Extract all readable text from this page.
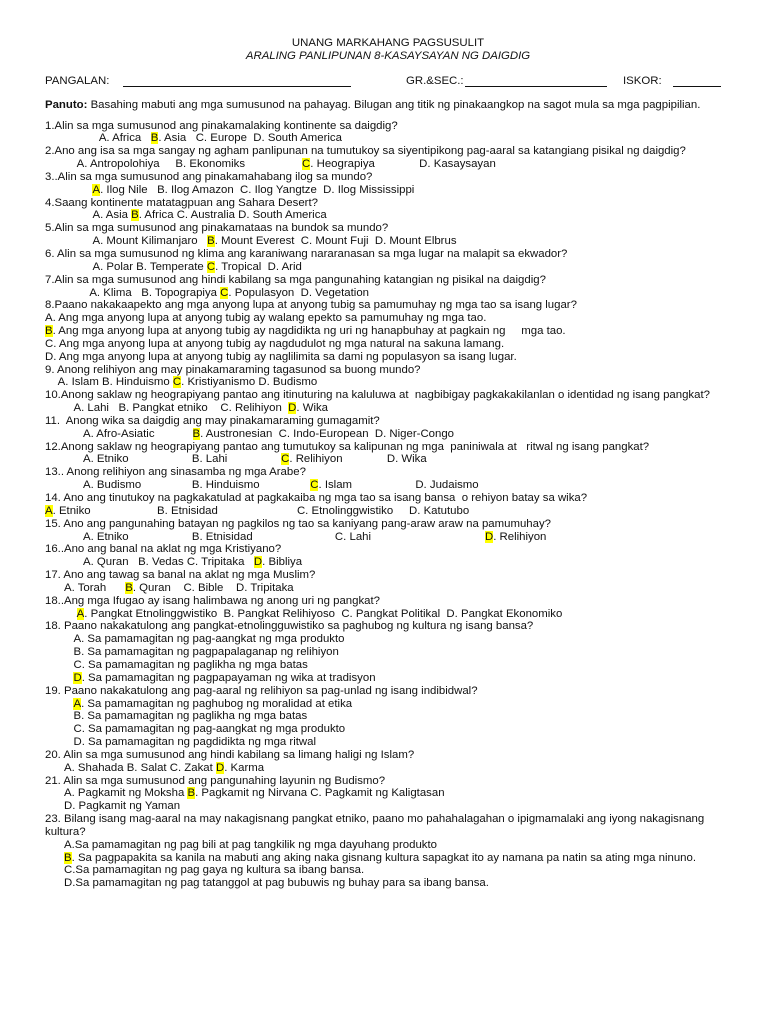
UNANG MARKAHANG PAGSUSULIT
ARALING PANLIPUNAN 8-KASAYSAYAN NG DAIGDIG
PANGALAN:	GR.&SEC.:	ISKOR:
Panuto: Basahing mabuti ang mga sumusunod na pahayag. Bilugan ang titik ng pinakaangkop na sagot mula sa mga pagpipilian.
1.Alin sa mga sumusunod ang pinakamalaking kontinente sa daigdig?
A. Africa   B. Asia   C. Europe  D. South America
2.Ano ang isa sa mga sangay ng agham panlipunan na tumutukoy sa siyentipikong pag-aaral sa katangiang pisikal ng daigdig?
A. Antropolohiya     B. Ekonomiks                  C. Heograpiya              D. Kasaysayan
3..Alin sa mga sumusunod ang pinakamahabang ilog sa mundo?
A. Ilog Nile   B. Ilog Amazon  C. Ilog Yangtze  D. Ilog Mississippi
4.Saang kontinente matatagpuan ang Sahara Desert?
A. Asia B. Africa C. Australia D. South America
5.Alin sa mga sumusunod ang pinakamataas na bundok sa mundo?
A. Mount Kilimanjaro   B. Mount Everest  C. Mount Fuji  D. Mount Elbrus
6. Alin sa mga sumusunod ng klima ang karaniwang nararanasan sa mga lugar na malapit sa ekwador?
A. Polar B. Temperate C. Tropical  D. Arid
7.Alin sa mga sumusunod ang hindi kabilang sa mga pangunahing katangian ng pisikal na daigdig?
A. Klima   B. Topograpiya C. Populasyon  D. Vegetation
8.Paano nakakaapekto ang mga anyong lupa at anyong tubig sa pamumuhay ng mga tao sa isang lugar?
A. Ang mga anyong lupa at anyong tubig ay walang epekto sa pamumuhay ng mga tao.
B. Ang mga anyong lupa at anyong tubig ay nagdidikta ng uri ng hanapbuhay at pagkain ng     mga tao.
C. Ang mga anyong lupa at anyong tubig ay nagdudulot ng mga natural na sakuna lamang.
D. Ang mga anyong lupa at anyong tubig ay naglilimita sa dami ng populasyon sa isang lugar.
9. Anong relihiyon ang may pinakamaraming tagasunod sa buong mundo?
A. Islam B. Hinduismo C. Kristiyanismo D. Budismo
10.Anong saklaw ng heograpiyang pantao ang itinuturing na kaluluwa at  nagbibigay pagkakakilanlan o identidad ng isang pangkat?
A. Lahi   B. Pangkat etniko    C. Relihiyon  D. Wika
11.  Anong wika sa daigdig ang may pinakamaraming gumagamit?
A. Afro-Asiatic            B. Austronesian  C. Indo-European  D. Niger-Congo
12.Anong saklaw ng heograpiyang pantao ang tumutukoy sa kalipunan ng mga  paniniwala at   ritwal ng isang pangkat?
A. Etniko                    B. Lahi                 C. Relihiyon              D. Wika
13.. Anong relihiyon ang sinasamba ng mga Arabe?
A. Budismo                B. Hinduismo                C. Islam                    D. Judaismo
14. Ano ang tinutukoy na pagkakatulad at pagkakaiba ng mga tao sa isang bansa  o rehiyon batay sa wika?
A. Etniko                     B. Etnisidad                         C. Etnolinggwistiko     D. Katutubo
15. Ano ang pangunahing batayan ng pagkilos ng tao sa kaniyang pang-araw araw na pamumuhay?
A. Etniko                    B. Etnisidad                          C. Lahi                                    D. Relihiyon
16..Ano ang banal na aklat ng mga Kristiyano?
A. Quran   B. Vedas C. Tripitaka   D. Bibliya
17. Ano ang tawag sa banal na aklat ng mga Muslim?
A. Torah      B. Quran    C. Bible    D. Tripitaka
18..Ang mga Ifugao ay isang halimbawa ng anong uri ng pangkat?
A. Pangkat Etnolinggwistiko  B. Pangkat Relihiyoso  C. Pangkat Politikal  D. Pangkat Ekonomiko
18. Paano nakakatulong ang pangkat-etnolingguwistiko sa paghubog ng kultura ng isang bansa?
A. Sa pamamagitan ng pag-aangkat ng mga produkto
B. Sa pamamagitan ng pagpapalaganap ng relihiyon
C. Sa pamamagitan ng paglikha ng mga batas
D. Sa pamamagitan ng pagpapayaman ng wika at tradisyon
19. Paano nakakatulong ang pag-aaral ng relihiyon sa pag-unlad ng isang indibidwal?
A. Sa pamamagitan ng paghubog ng moralidad at etika
B. Sa pamamagitan ng paglikha ng mga batas
C. Sa pamamagitan ng pag-aangkat ng mga produkto
D. Sa pamamagitan ng pagdidikta ng mga ritwal
20. Alin sa mga sumusunod ang hindi kabilang sa limang haligi ng Islam?
A. Shahada B. Salat C. Zakat D. Karma
21. Alin sa mga sumusunod ang pangunahing layunin ng Budismo?
A. Pagkamit ng Moksha B. Pagkamit ng Nirvana C. Pagkamit ng Kaligtasan
D. Pagkamit ng Yaman
23. Bilang isang mag-aaral na may nakagisnang pangkat etniko, paano mo pahahalagahan o ipigmamalaki ang iyong nakagisnang kultura?
A.Sa pamamagitan ng pag bili at pag tangkilik ng mga dayuhang produkto
B. Sa pagpapakita sa kanila na mabuti ang aking naka gisnang kultura sapagkat ito ay namana pa natin sa ating mga ninuno.
C.Sa pamamagitan ng pag gaya ng kultura sa ibang bansa.
D.Sa pamamagitan ng pag tatanggol at pag bubuwis ng buhay para sa ibang bansa.
